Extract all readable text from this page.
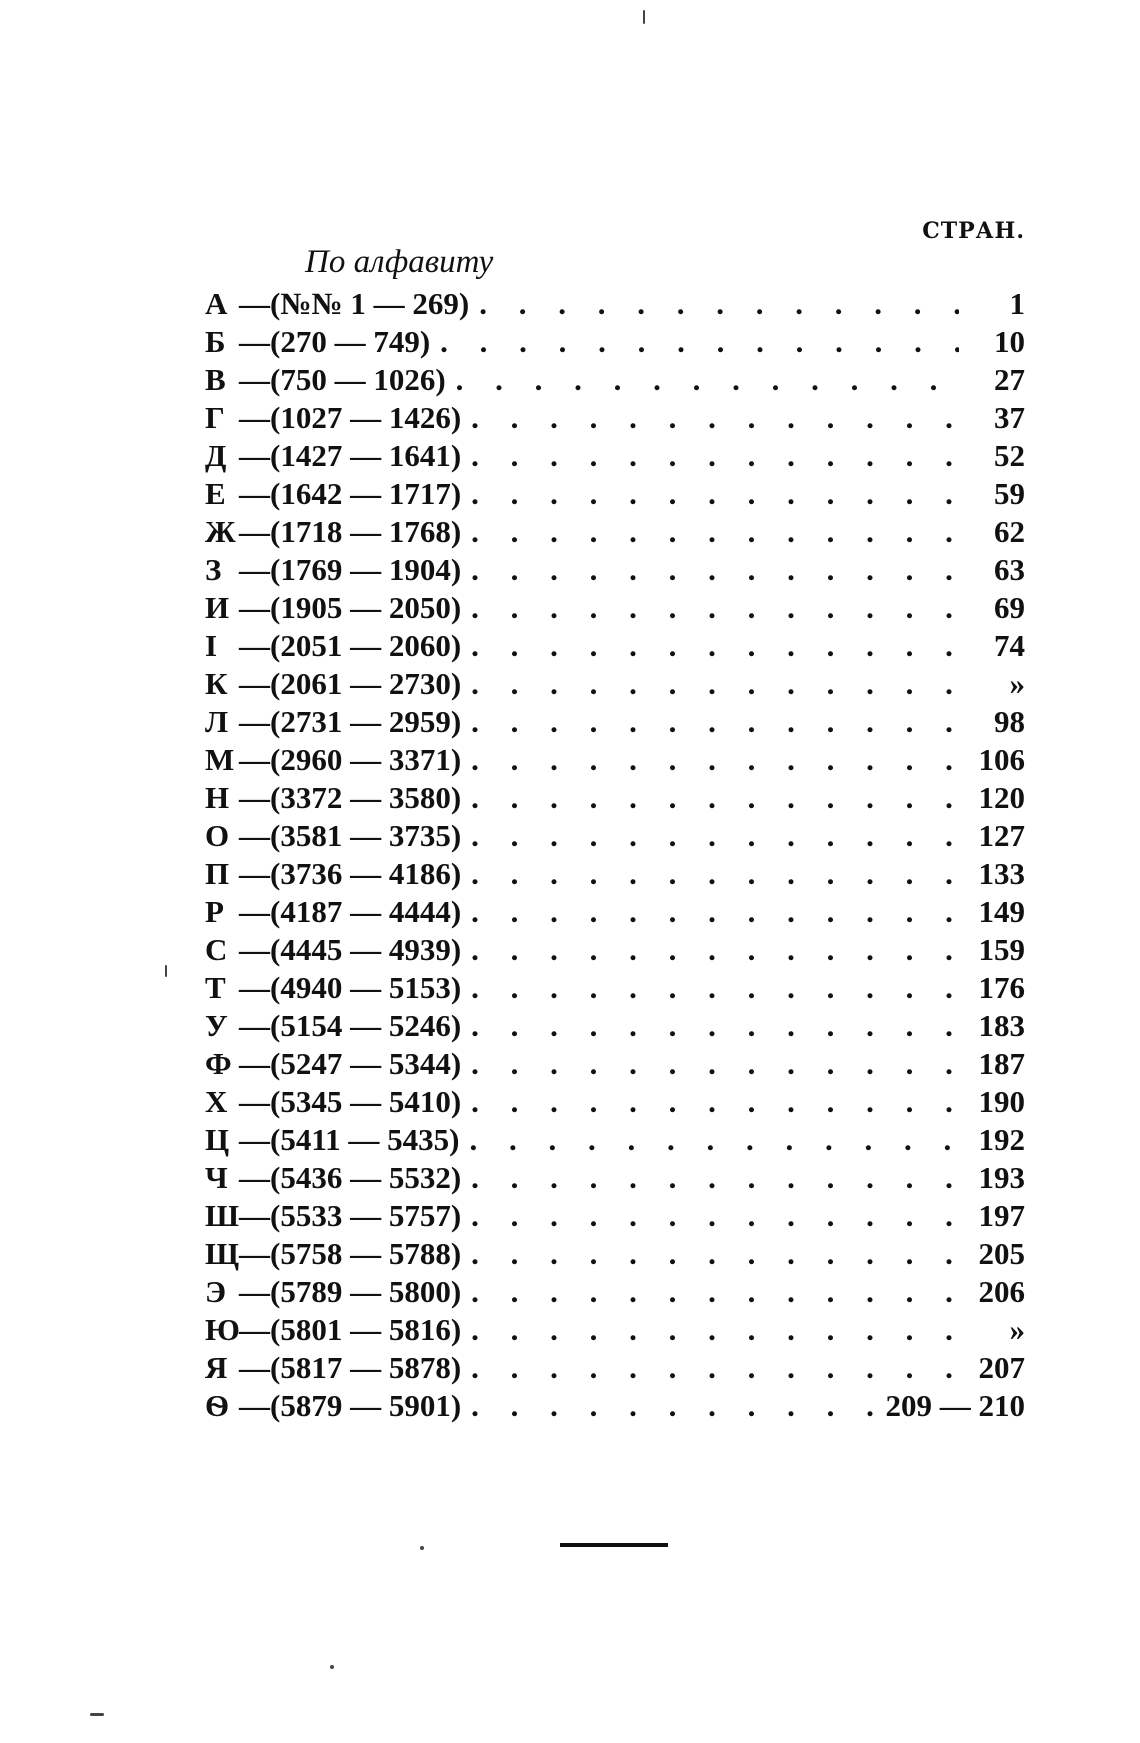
СТРАН.
По алфавиту
А —(№№ 1 — 269) . . .	1
Б —(270 — 749) . . .	10
В —(750 — 1026) . . .	27
Г —(1027 — 1426) . . .	37
Д —(1427 — 1641) . . .	52
Е —(1642 — 1717) . . .	59
Ж —(1718 — 1768) . . .	62
З —(1769 — 1904) . . .	63
И —(1905 — 2050) . . .	69
I —(2051 — 2060) . . .	74
К —(2061 — 2730) . . .	»
Л —(2731 — 2959) . . .	98
М —(2960 — 3371) . . .	106
Н —(3372 — 3580) . . .	120
О —(3581 — 3735) . . .	127
П —(3736 — 4186) . . .	133
Р —(4187 — 4444) . . .	149
С —(4445 — 4939) . . .	159
Т —(4940 — 5153) . . .	176
У —(5154 — 5246) . . .	183
Ф —(5247 — 5344) . . .	187
Х —(5345 — 5410) . . .	190
Ц —(5411 — 5435) . . .	192
Ч —(5436 — 5532) . . .	193
Ш —(5533 — 5757) . . .	197
Щ —(5758 — 5788) . . .	205
Э —(5789 — 5800) . . .	206
Ю —(5801 — 5816) . . .	»
Я —(5817 — 5878) . . .	207
Ѳ —(5879 — 5901) . . .	209 — 210
